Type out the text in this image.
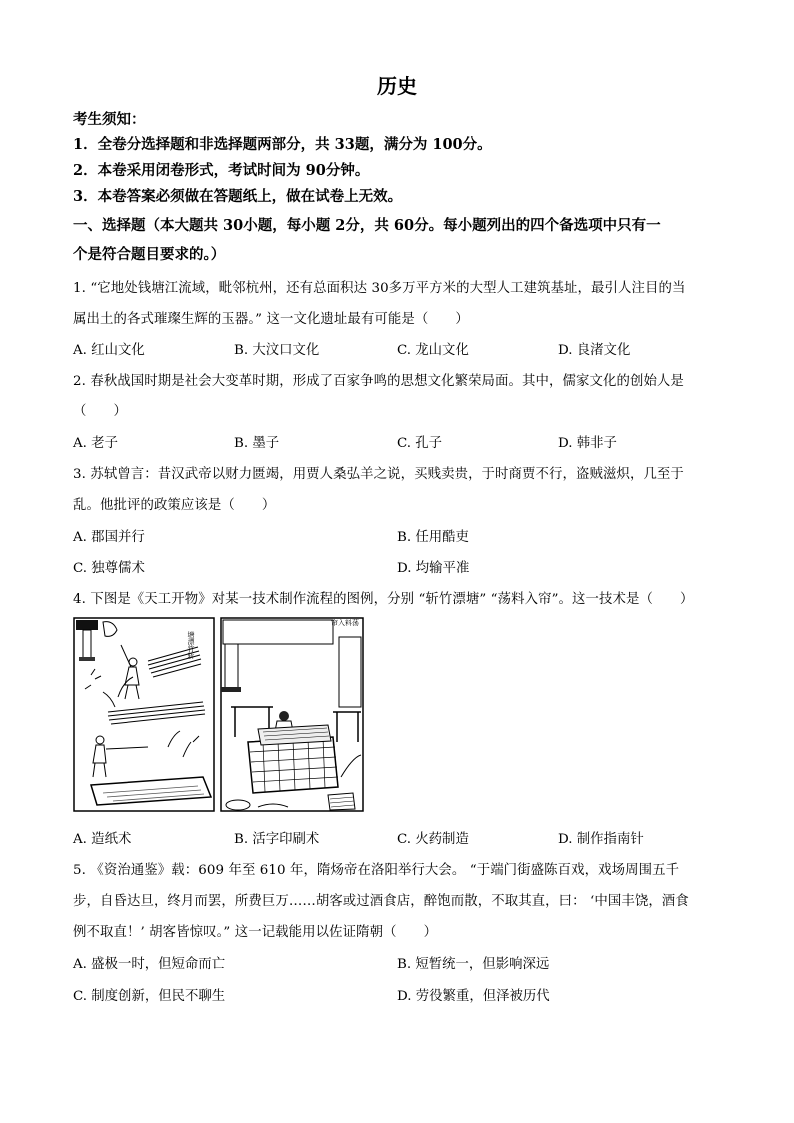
历史
考生须知：
1．全卷分选择题和非选择题两部分，共 33题，满分为 100分。
2．本卷采用闭卷形式，考试时间为 90分钟。
3．本卷答案必须做在答题纸上，做在试卷上无效。
一、选择题（本大题共 30小题，每小题 2分，共 60分。每小题列出的四个备选项中只有一
个是符合题目要求的。）
1. “它地处钱塘江流域，毗邻杭州，还有总面积达 30多万平方米的大型人工建筑基址，最引人注目的当
属出土的各式璀璨生辉的玉器。” 这一文化遗址最有可能是（　　）
A. 红山文化	B. 大汶口文化	C. 龙山文化	D. 良渚文化
2. 春秋战国时期是社会大变革时期，形成了百家争鸣的思想文化繁荣局面。其中，儒家文化的创始人是
（　　）
A. 老子	B. 墨子	C. 孔子	D. 韩非子
3. 苏轼曾言：昔汉武帝以财力匮竭，用贾人桑弘羊之说，买贱卖贵，于时商贾不行，盗贼滋炽，几至于
乱。他批评的政策应该是（　　）
A. 郡国并行	B. 任用酷吏
C. 独尊儒术	D. 均输平准
4. 下图是《天工开物》对某一技术制作流程的图例，分别 “斩竹漂塘” “荡料入帘”。这一技术是（　　）
塘漂竹斩
帘入料荡
A. 造纸术	B. 活字印刷术	C. 火药制造	D. 制作指南针
5. 《资治通鉴》载：609 年至 610 年，隋炀帝在洛阳举行大会。 “于端门街盛陈百戏，戏场周围五千
步，自昏达旦，终月而罢，所费巨万……胡客或过酒食店，醉饱而散，不取其直，曰： ‘中国丰饶，酒食
例不取直！’ 胡客皆惊叹。” 这一记载能用以佐证隋朝（　　）
A. 盛极一时，但短命而亡	B. 短暂统一，但影响深远
C. 制度创新，但民不聊生	D. 劳役繁重，但泽被历代
